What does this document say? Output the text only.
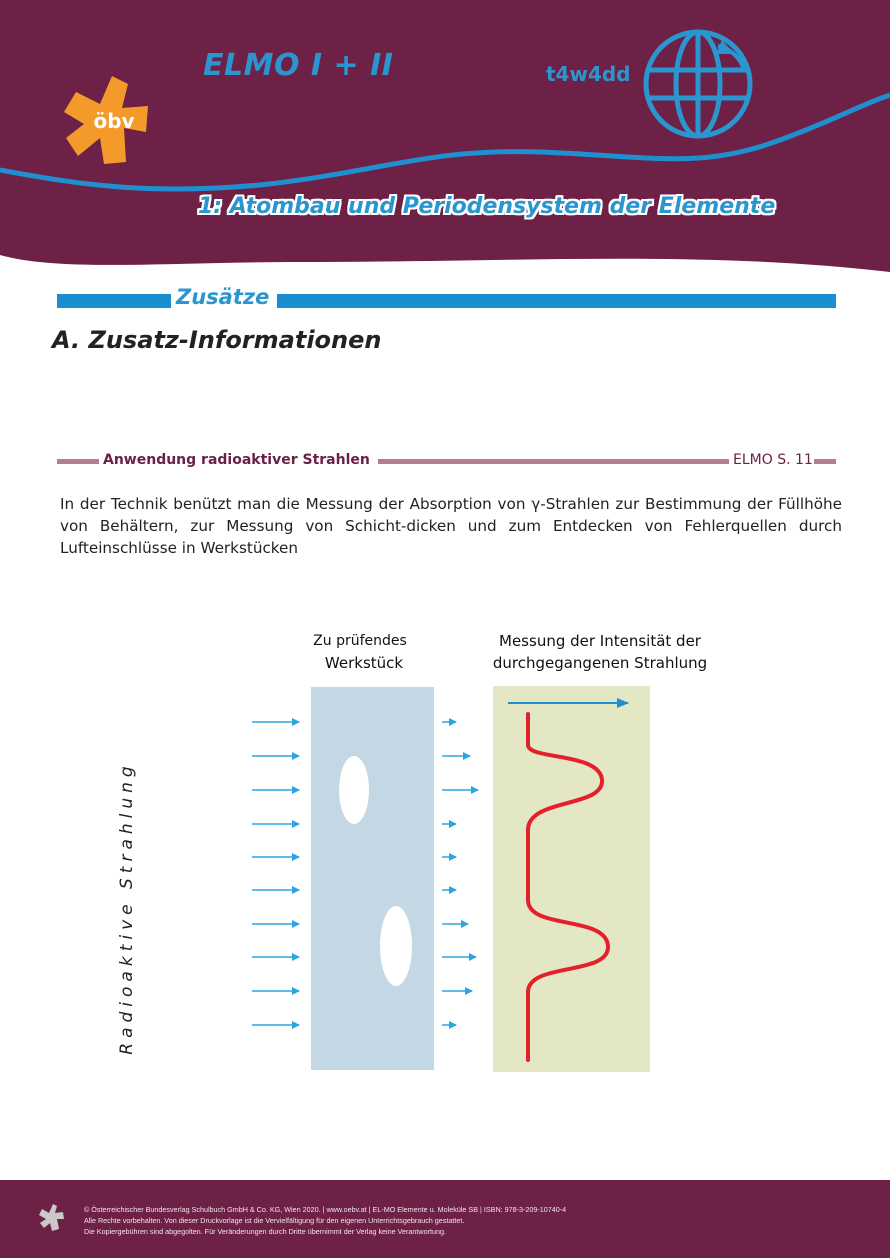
öbv

ELMO I + II	t4w4dd

1: Atombau und Periodensystem der Elemente
Zusätze
A. Zusatz-Informationen
Anwendung radioaktiver Strahlen	ELMO S. 11

In der Technik benützt man die Messung der Absorption von γ-Strahlen zur Bestimmung der Füllhöhe von Behältern, zur Messung von Schicht-dicken und zum Entdecken von Fehlerquellen durch Lufteinschlüsse in Werkstücken

Zu prüfendes
Werkstück

Messung der Intensität der
durchgegangenen Strahlung

Radioaktive Strahlung

© Österreichischer Bundesverlag Schulbuch GmbH & Co. KG, Wien 2020. | www.oebv.at | EL-MO Elemente u. Moleküle SB | ISBN: 978-3-209-10740-4
Alle Rechte vorbehalten. Von dieser Druckvorlage ist die Vervielfältigung für den eigenen Unterrichtsgebrauch gestattet.
Die Kopiergebühren sind abgegolten. Für Veränderungen durch Dritte übernimmt der Verlag keine Verantwortung.
